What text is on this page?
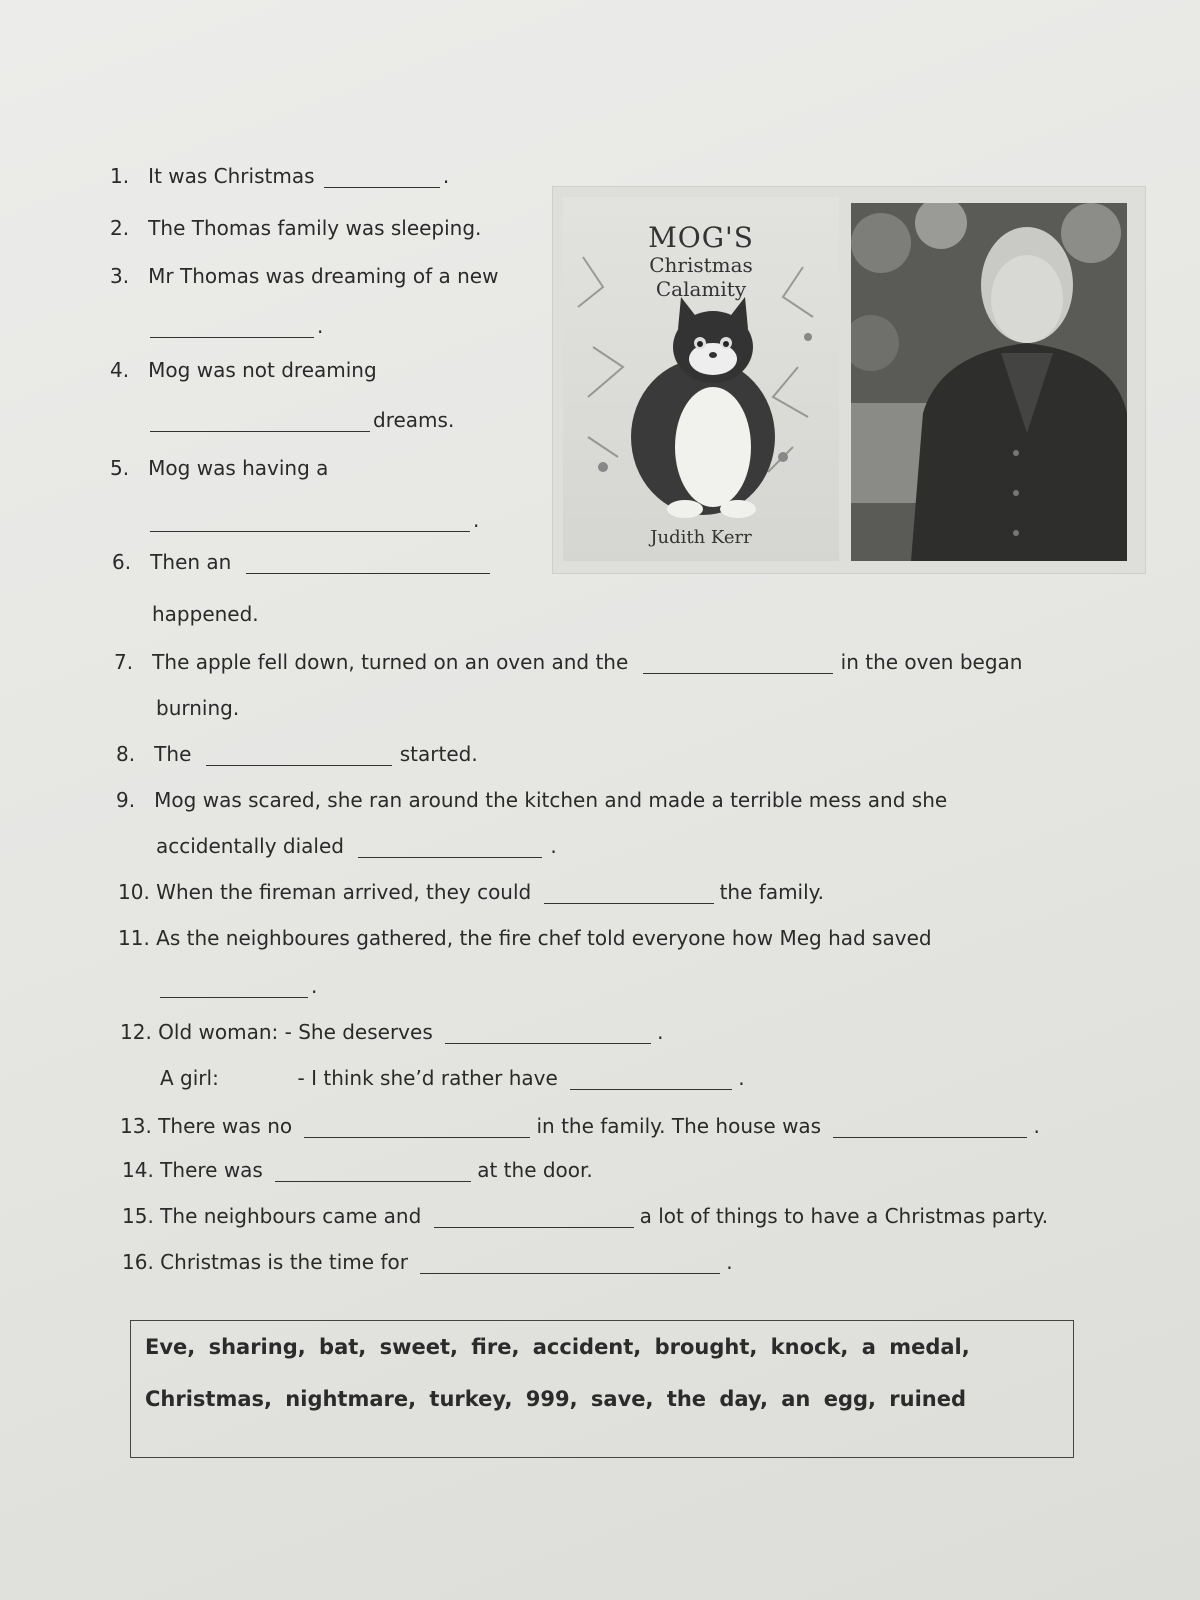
1. It was Christmas	.
2. The Thomas family was sleeping.
3. Mr Thomas was dreaming of a new
.
4. Mog was not dreaming
dreams.
5. Mog was having a
.
6. Then an
happened.
7. The apple fell down, turned on an oven and the	in the oven began
burning.
8. The	started.
9. Mog was scared, she ran around the kitchen and made a terrible mess and she
accidentally dialed	.
10. When the fireman arrived, they could	the family.
11. As the neighboures gathered, the fire chef told everyone how Meg had saved
.
12. Old woman: - She deserves	.
A girl:	- I think she’d rather have	.
13. There was no	in the family. The house was	.
14. There was	at the door.
15. The neighbours came and	a lot of things to have a Christmas party.
16. Christmas is the time for	.
MOG'S
Christmas
Calamity
Judith Kerr
Eve, sharing, bat, sweet, fire, accident, brought, knock, a medal,
Christmas, nightmare, turkey, 999, save, the day, an egg, ruined
